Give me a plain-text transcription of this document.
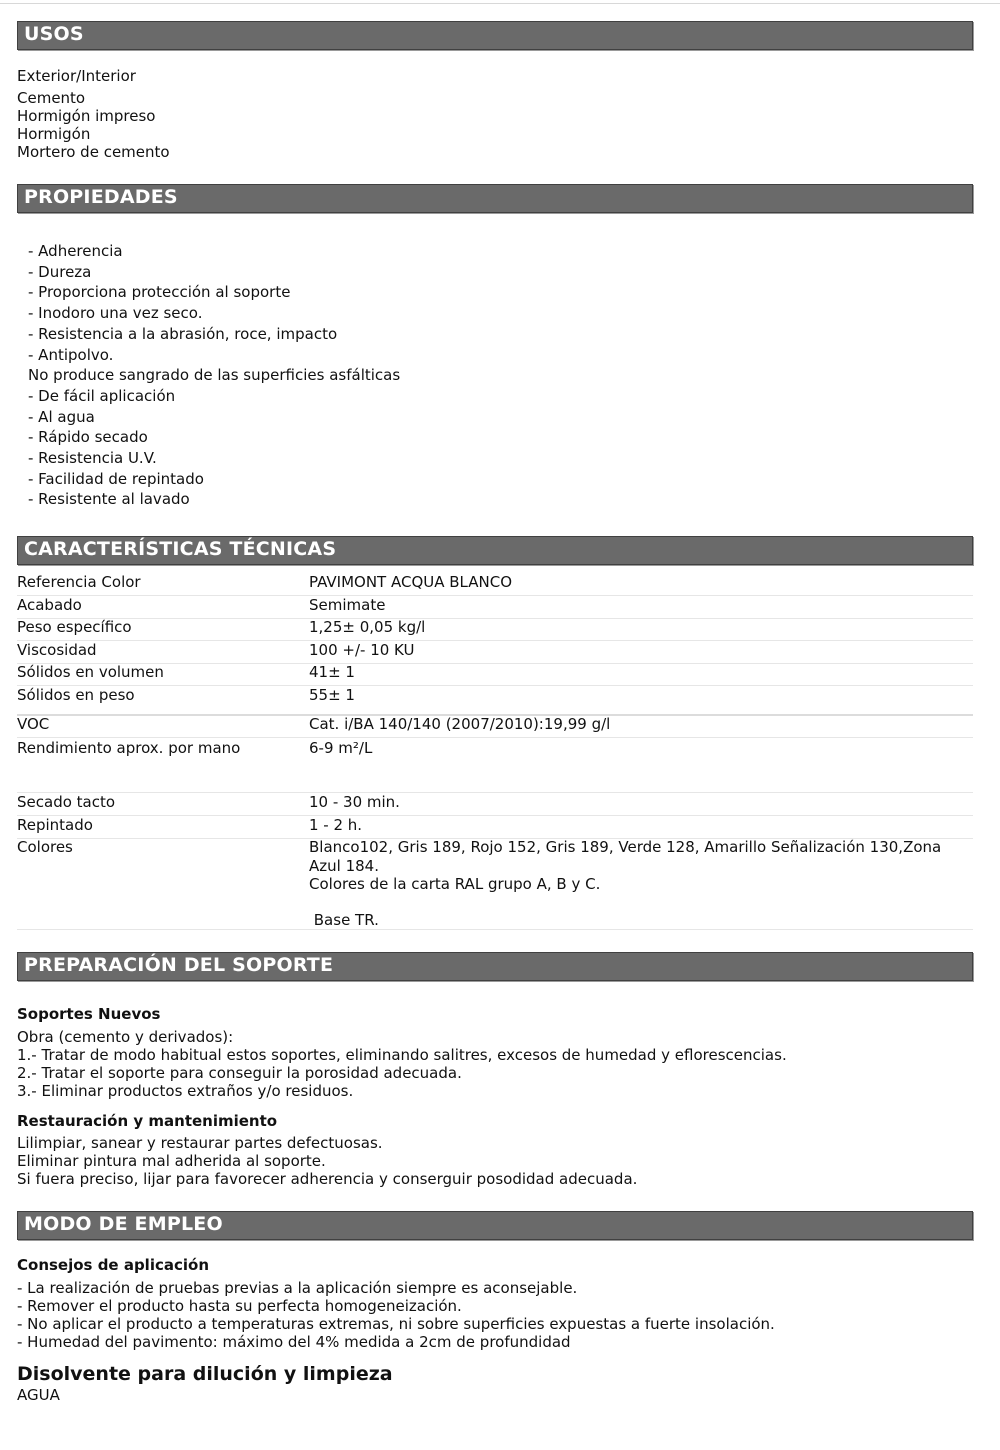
USOS
Exterior/Interior
Cemento
Hormigón impreso
Hormigón
Mortero de cemento
PROPIEDADES
- Adherencia
- Dureza
- Proporciona protección al soporte
- Inodoro una vez seco.
- Resistencia a la abrasión, roce, impacto
- Antipolvo.
No produce sangrado de las superficies asfálticas
- De fácil aplicación
- Al agua
- Rápido secado
- Resistencia U.V.
- Facilidad de repintado
- Resistente al lavado
CARACTERÍSTICAS TÉCNICAS
Referencia Color	PAVIMONT ACQUA BLANCO
Acabado	Semimate
Peso específico	1,25± 0,05 kg/l
Viscosidad	100 +/- 10 KU
Sólidos en volumen	41± 1
Sólidos en peso	55± 1
VOC	Cat. i/BA 140/140 (2007/2010):19,99 g/l
Rendimiento aprox. por mano	6-9 m²/L
Secado tacto	10 - 30 min.
Repintado	1 - 2 h.
Colores	Blanco102, Gris 189, Rojo 152, Gris 189, Verde 128, Amarillo Señalización 130,Zona
Azul 184.
Colores de la carta RAL grupo A, B y C.
Base TR.
PREPARACIÓN DEL SOPORTE
Soportes Nuevos
Obra (cemento y derivados):
1.- Tratar de modo habitual estos soportes, eliminando salitres, excesos de humedad y eflorescencias.
2.- Tratar el soporte para conseguir la porosidad adecuada.
3.- Eliminar productos extraños y/o residuos.
Restauración y mantenimiento
Lilimpiar, sanear y restaurar partes defectuosas.
Eliminar pintura mal adherida al soporte.
Si fuera preciso, lijar para favorecer adherencia y conserguir posodidad adecuada.
MODO DE EMPLEO
Consejos de aplicación
- La realización de pruebas previas a la aplicación siempre es aconsejable.
- Remover el producto hasta su perfecta homogeneización.
- No aplicar el producto a temperaturas extremas, ni sobre superficies expuestas a fuerte insolación.
- Humedad del pavimento: máximo del 4% medida a 2cm de profundidad
Disolvente para dilución y limpieza
AGUA
